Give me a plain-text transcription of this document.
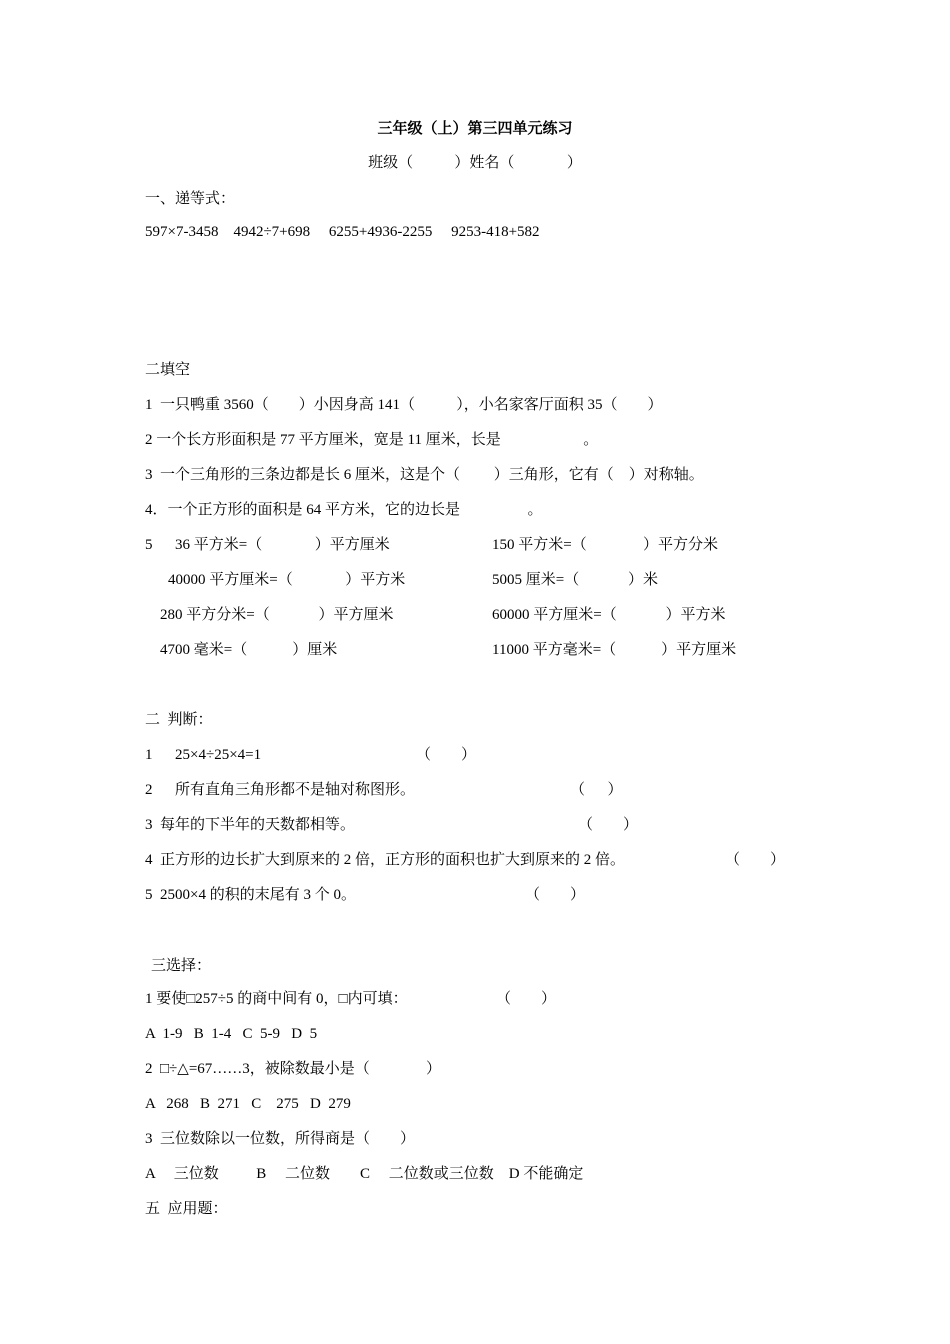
三年级（上）第三四单元练习
班级（           ）姓名（              ）
一、递等式：
597×7-3458    4942÷7+698     6255+4936-2255     9253-418+582
二填空
1  一只鸭重 3560（        ）小因身高 141（           ），小名家客厅面积 35（        ）
2 一个长方形面积是 77 平方厘米，宽是 11 厘米，长是                      。
3  一个三角形的三条边都是长 6 厘米，这是个（         ）三角形，它有（    ）对称轴。
4．一个正方形的面积是 64 平方米，它的边长是                  。
5      36 平方米=（              ）平方厘米	150 平方米=（               ）平方分米
40000 平方厘米=（              ）平方米	5005 厘米=（             ）米
280 平方分米=（             ）平方厘米	60000 平方厘米=（             ）平方米
4700 毫米=（            ）厘米	11000 平方毫米=（            ）平方厘米
二  判断：
1      25×4÷25×4=1	（        ）
2      所有直角三角形都不是轴对称图形。	（      ）
3  每年的下半年的天数都相等。	（        ）
4  正方形的边长扩大到原来的 2 倍，正方形的面积也扩大到原来的 2 倍。	（        ）
5  2500×4 的积的末尾有 3 个 0。	（        ）
三选择：
1 要使□257÷5 的商中间有 0，□内可填：	（        ）
A  1-9   B  1-4   C  5-9   D  5
2  □÷△=67……3，被除数最小是（               ）
A   268   B  271   C    275   D  279
3  三位数除以一位数，所得商是（        ）
A     三位数          B     二位数        C     二位数或三位数    D 不能确定
五  应用题：
